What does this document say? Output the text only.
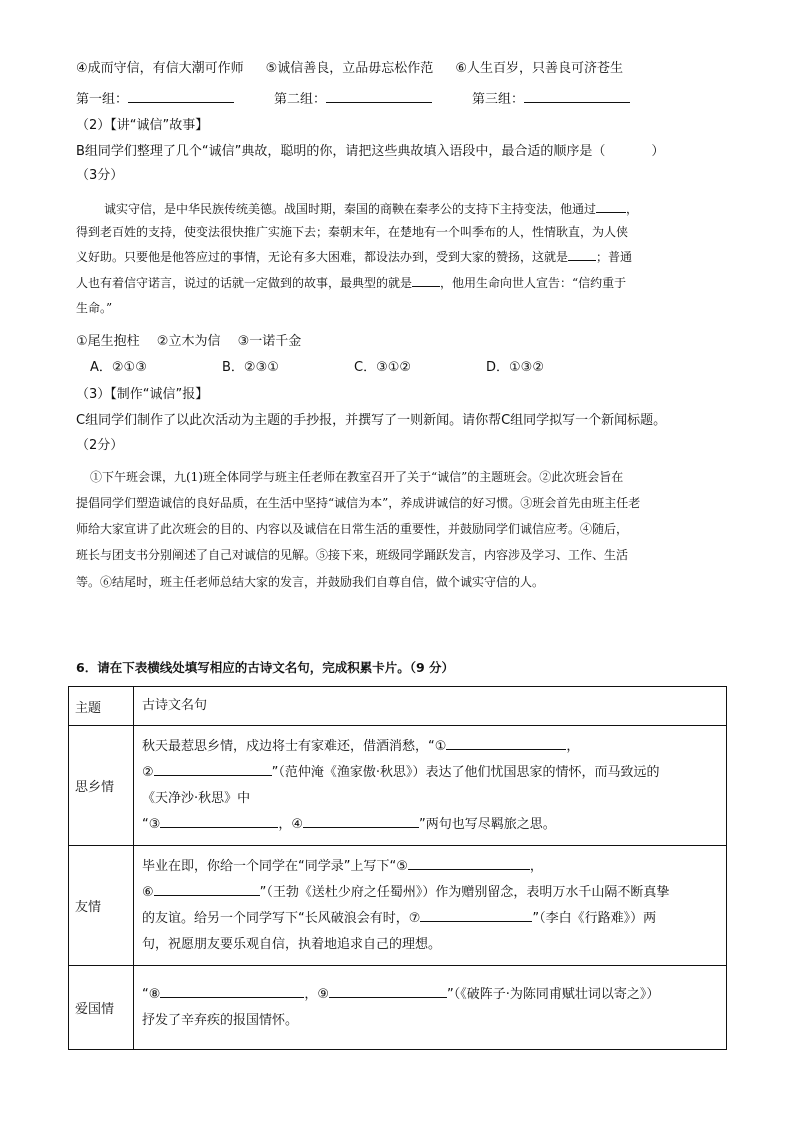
④成而守信，有信大潮可作师 ⑤诚信善良，立品毋忘松作范 ⑥人生百岁，只善良可济苍生
第一组：	第二组：	第三组：
（2）【讲“诚信”故事】
B组同学们整理了几个“诚信”典故，聪明的你，请把这些典故填入语段中，最合适的顺序是（	）
（3分）
诚实守信，是中华民族传统美德。战国时期，秦国的商鞅在秦孝公的支持下主持变法，他通过	，
得到老百姓的支持，使变法很快推广实施下去；秦朝末年，在楚地有一个叫季布的人，性情耿直，为人侠
义好助。只要他是他答应过的事情，无论有多大困难，都设法办到，受到大家的赞扬，这就是 ；普通
人也有着信守诺言，说过的话就一定做到的故事，最典型的就是 ，他用生命向世人宣告：“信约重于
生命。”
①尾生抱柱　 ②立木为信　 ③一诺千金
A．②①③	B．②③①	C．③①②	D．①③②
（3）【制作“诚信”报】
C组同学们制作了以此次活动为主题的手抄报，并撰写了一则新闻。请你帮C组同学拟写一个新闻标题。
（2分）
①下午班会课，九(1)班全体同学与班主任老师在教室召开了关于“诚信”的主题班会。②此次班会旨在
提倡同学们塑造诚信的良好品质，在生活中坚持“诚信为本”，养成讲诚信的好习惯。③班会首先由班主任老
师给大家宣讲了此次班会的目的、内容以及诚信在日常生活的重要性，并鼓励同学们诚信应考。④随后，
班长与团支书分别阐述了自己对诚信的见解。⑤接下来，班级同学踊跃发言，内容涉及学习、工作、生活
等。⑥结尾时，班主任老师总结大家的发言，并鼓励我们自尊自信，做个诚实守信的人。
6．请在下表横线处填写相应的古诗文名句，完成积累卡片。（9 分）
主题	古诗文名句
思乡情	秋天最惹思乡情，戍边将士有家难还，借酒消愁，“① ，
② ”（范仲淹《渔家傲·秋思》）表达了他们忧国思家的情怀，而马致远的
《天净沙·秋思》中
“③ ，④ ”两句也写尽羁旅之思。

友情	毕业在即，你给一个同学在“同学录”上写下“⑤ ，
⑥ ”（王勃《送杜少府之任蜀州》）作为赠别留念，表明万水千山隔不断真挚
的友谊。给另一个同学写下“长风破浪会有时，⑦ ”（李白《行路难》）两
句，祝愿朋友要乐观自信，执着地追求自己的理想。

爱国情	“⑧ ，⑨ ”（《破阵子·为陈同甫赋壮词以寄之》）
抒发了辛弃疾的报国情怀。
